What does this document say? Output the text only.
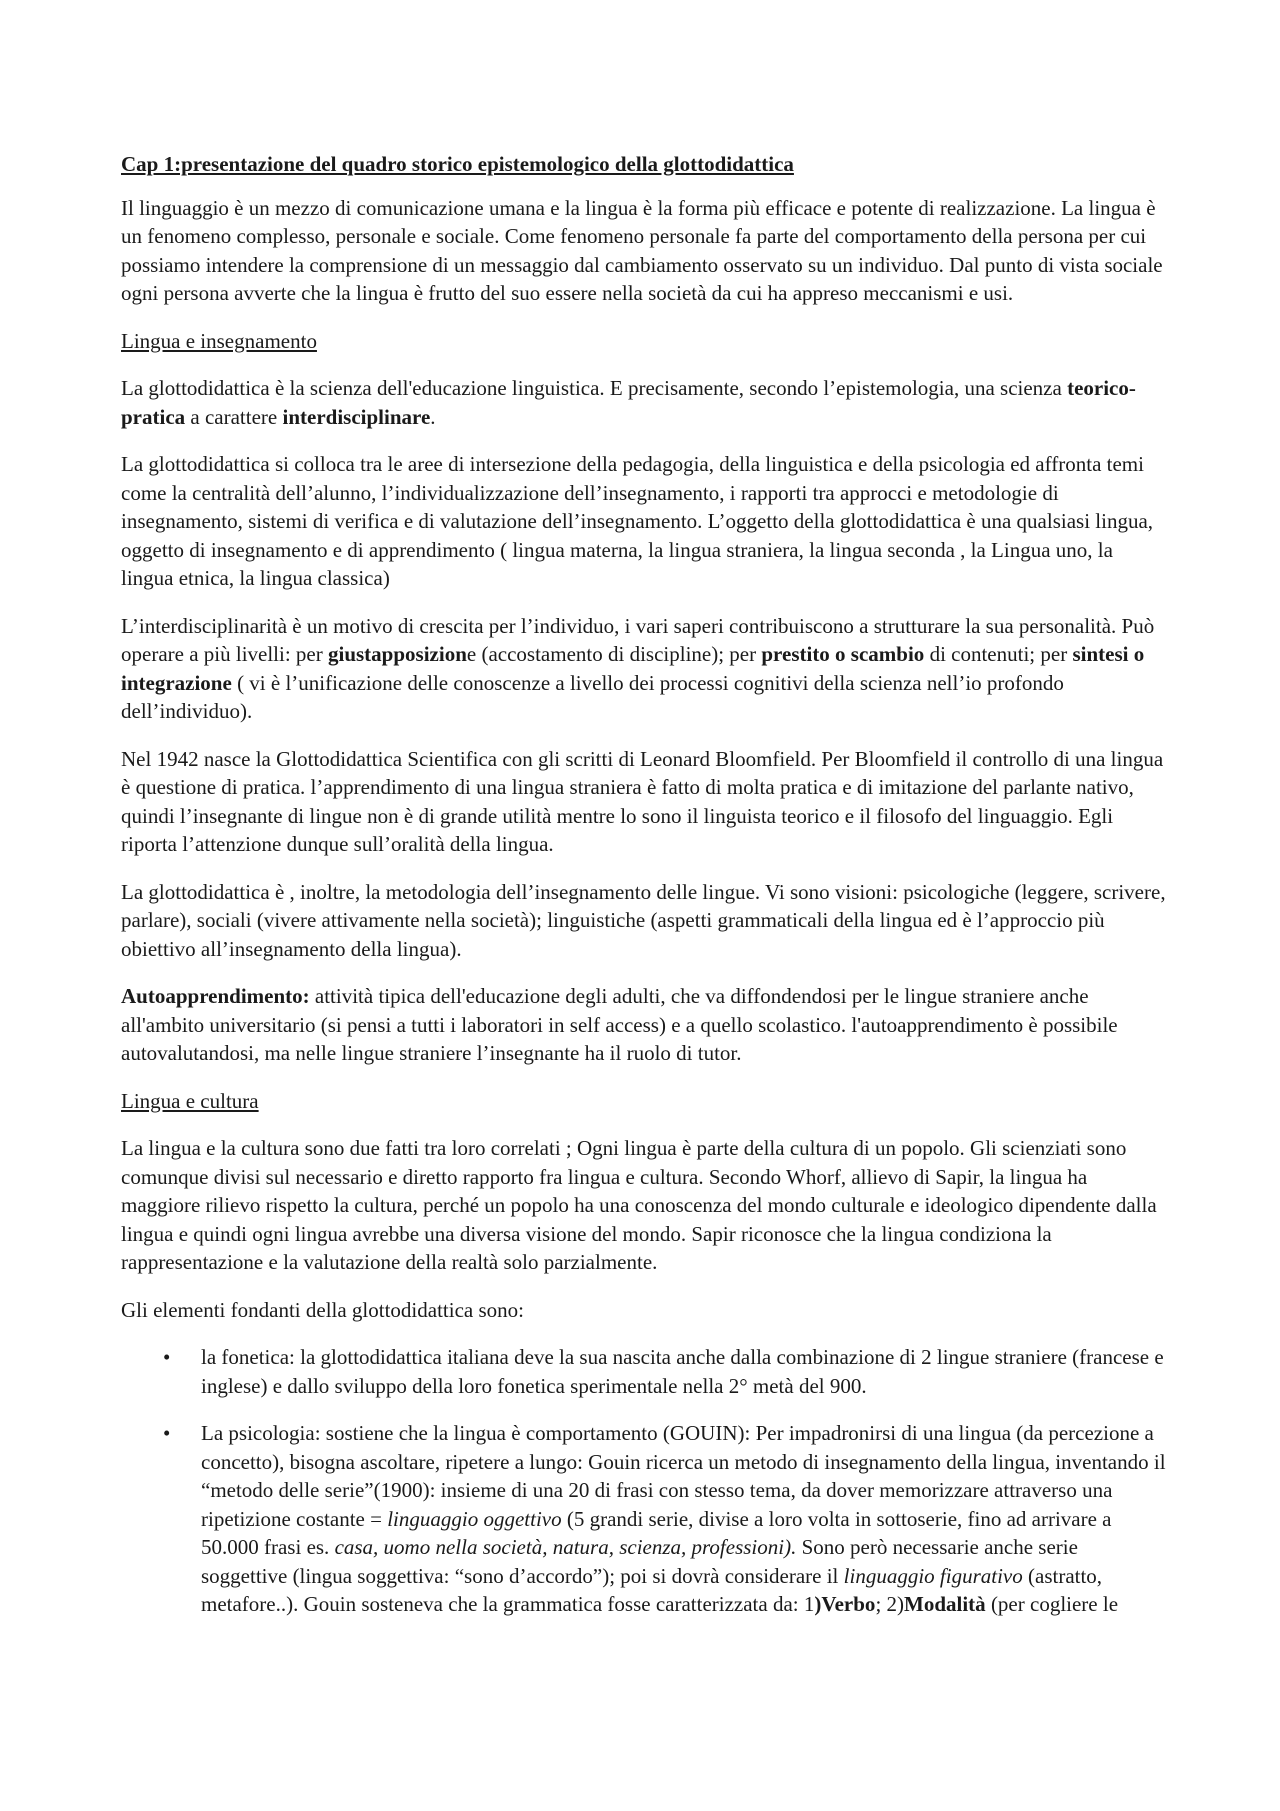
Cap 1:presentazione del quadro storico epistemologico della glottodidattica

Il linguaggio è un mezzo di comunicazione umana e la lingua è la forma più efficace e potente di realizzazione. La lingua è un fenomeno complesso, personale e sociale. Come fenomeno personale fa parte del comportamento della persona per cui possiamo intendere la comprensione di un messaggio dal cambiamento osservato su un individuo. Dal punto di vista sociale ogni persona avverte che la lingua è frutto del suo essere nella società da cui ha appreso meccanismi e usi.

Lingua e insegnamento

La glottodidattica è la scienza dell'educazione linguistica. E precisamente, secondo l’epistemologia, una scienza teorico-pratica a carattere interdisciplinare.

La glottodidattica si colloca tra le aree di intersezione della pedagogia, della linguistica e della psicologia ed affronta temi come la centralità dell’alunno, l’individualizzazione dell’insegnamento, i rapporti tra approcci e metodologie di insegnamento, sistemi di verifica e di valutazione dell’insegnamento. L’oggetto della glottodidattica è una qualsiasi lingua, oggetto di insegnamento e di apprendimento ( lingua materna, la lingua straniera, la lingua seconda , la Lingua uno, la lingua etnica, la lingua classica)

L’interdisciplinarità è un motivo di crescita per l’individuo, i vari saperi contribuiscono a strutturare la sua personalità. Può operare a più livelli: per giustapposizione (accostamento di discipline); per prestito o scambio di contenuti; per sintesi o integrazione ( vi è l’unificazione delle conoscenze a livello dei processi cognitivi della scienza nell’io profondo dell’individuo).

Nel 1942 nasce la Glottodidattica Scientifica con gli scritti di Leonard Bloomfield. Per Bloomfield il controllo di una lingua è questione di pratica. l’apprendimento di una lingua straniera è fatto di molta pratica e di imitazione del parlante nativo, quindi l’insegnante di lingue non è di grande utilità mentre lo sono il linguista teorico e il filosofo del linguaggio. Egli riporta l’attenzione dunque sull’oralità della lingua.

La glottodidattica è , inoltre, la metodologia dell’insegnamento delle lingue. Vi sono visioni: psicologiche (leggere, scrivere, parlare), sociali (vivere attivamente nella società); linguistiche (aspetti grammaticali della lingua ed è l’approccio più obiettivo all’insegnamento della lingua).

Autoapprendimento: attività tipica dell'educazione degli adulti, che va diffondendosi per le lingue straniere anche all'ambito universitario (si pensi a tutti i laboratori in self access) e a quello scolastico. l'autoapprendimento è possibile autovalutandosi, ma nelle lingue straniere l’insegnante ha il ruolo di tutor.

Lingua e cultura

La lingua e la cultura sono due fatti tra loro correlati ; Ogni lingua è parte della cultura di un popolo. Gli scienziati sono comunque divisi sul necessario e diretto rapporto fra lingua e cultura. Secondo Whorf, allievo di Sapir, la lingua ha maggiore rilievo rispetto la cultura, perché un popolo ha una conoscenza del mondo culturale e ideologico dipendente dalla lingua e quindi ogni lingua avrebbe una diversa visione del mondo. Sapir riconosce che la lingua condiziona la rappresentazione e la valutazione della realtà solo parzialmente.

Gli elementi fondanti della glottodidattica sono:

• la fonetica: la glottodidattica italiana deve la sua nascita anche dalla combinazione di 2 lingue straniere (francese e inglese) e dallo sviluppo della loro fonetica sperimentale nella 2° metà del 900.
• La psicologia: sostiene che la lingua è comportamento (GOUIN): Per impadronirsi di una lingua (da percezione a concetto), bisogna ascoltare, ripetere a lungo: Gouin ricerca un metodo di insegnamento della lingua, inventando il “metodo delle serie”(1900): insieme di una 20 di frasi con stesso tema, da dover memorizzare attraverso una ripetizione costante = linguaggio oggettivo (5 grandi serie, divise a loro volta in sottoserie, fino ad arrivare a 50.000 frasi es. casa, uomo nella società, natura, scienza, professioni). Sono però necessarie anche serie soggettive (lingua soggettiva: “sono d’accordo”); poi si dovrà considerare il linguaggio figurativo (astratto, metafore..). Gouin sosteneva che la grammatica fosse caratterizzata da: 1)Verbo; 2)Modalità (per cogliere le
